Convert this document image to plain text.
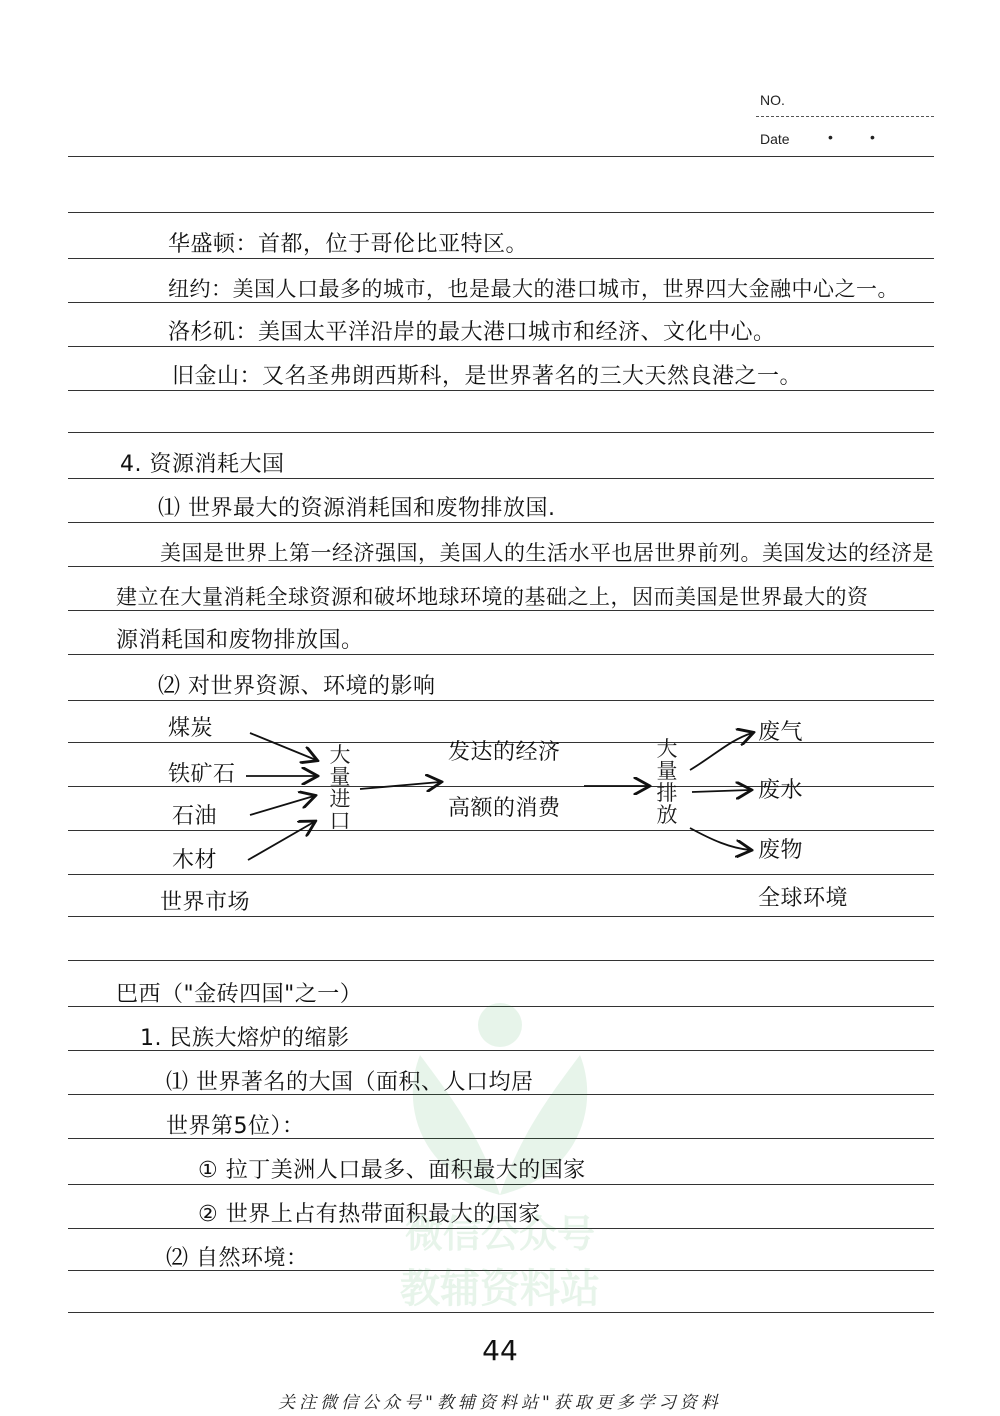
NO.
Date	•	•
微信公众号
教辅资料站
华盛顿：首都，位于哥伦比亚特区。
纽约：美国人口最多的城市，也是最大的港口城市，世界四大金融中心之一。
洛杉矶：美国太平洋沿岸的最大港口城市和经济、文化中心。
旧金山：又名圣弗朗西斯科，是世界著名的三大天然良港之一。
4. 资源消耗大国
⑴ 世界最大的资源消耗国和废物排放国.
美国是世界上第一经济强国，美国人的生活水平也居世界前列。美国发达的经济是
建立在大量消耗全球资源和破坏地球环境的基础之上，因而美国是世界最大的资
源消耗国和废物排放国。
⑵ 对世界资源、环境的影响
煤炭
铁矿石
石油
木材
世界市场
大量进口
发达的经济
高额的消费
大量排放
废气
废水
废物
全球环境
巴西（"金砖四国"之一）
1. 民族大熔炉的缩影
⑴ 世界著名的大国（面积、人口均居
世界第5位）：
① 拉丁美洲人口最多、面积最大的国家
② 世界上占有热带面积最大的国家
⑵ 自然环境：
44
关注微信公众号"教辅资料站"获取更多学习资料
